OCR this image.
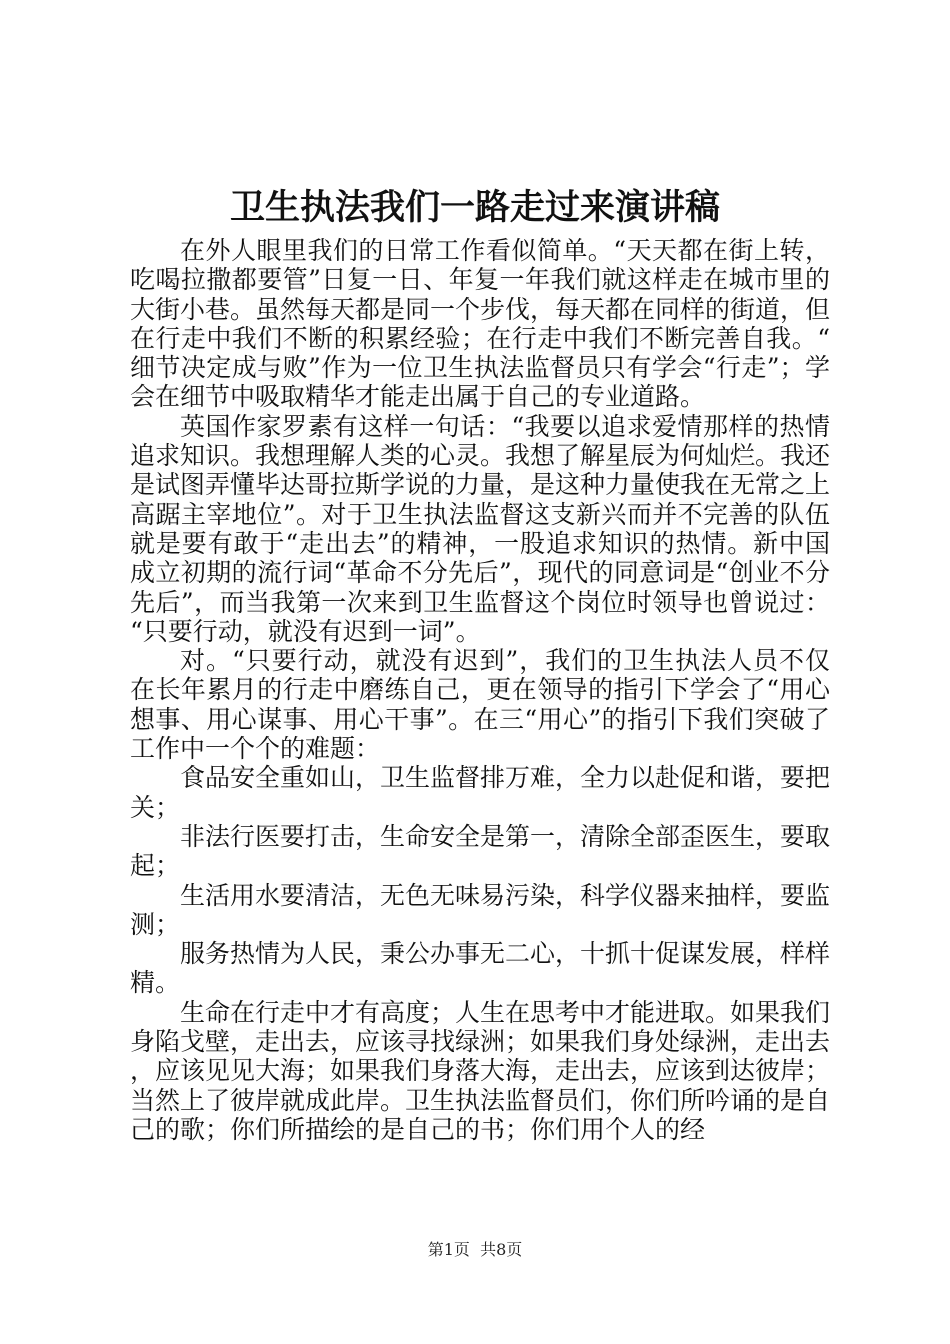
卫生执法我们一路走过来演讲稿

在外人眼里我们的日常工作看似简单。“天天都在街上转，吃喝拉撒都要管”日复一日、年复一年我们就这样走在城市里的大街小巷。虽然每天都是同一个步伐，每天都在同样的街道，但在行走中我们不断的积累经验；在行走中我们不断完善自我。“细节决定成与败”作为一位卫生执法监督员只有学会“行走”；学会在细节中吸取精华才能走出属于自己的专业道路。

英国作家罗素有这样一句话：“我要以追求爱情那样的热情追求知识。我想理解人类的心灵。我想了解星辰为何灿烂。我还是试图弄懂毕达哥拉斯学说的力量，是这种力量使我在无常之上高踞主宰地位”。对于卫生执法监督这支新兴而并不完善的队伍就是要有敢于“走出去”的精神，一股追求知识的热情。新中国成立初期的流行词“革命不分先后”，现代的同意词是“创业不分先后”，而当我第一次来到卫生监督这个岗位时领导也曾说过：“只要行动，就没有迟到一词”。

对。“只要行动，就没有迟到”，我们的卫生执法人员不仅在长年累月的行走中磨练自己，更在领导的指引下学会了“用心想事、用心谋事、用心干事”。在三“用心”的指引下我们突破了工作中一个个的难题：

食品安全重如山，卫生监督排万难，全力以赴促和谐，要把关；

非法行医要打击，生命安全是第一，清除全部歪医生，要取起；

生活用水要清洁，无色无味易污染，科学仪器来抽样，要监测；

服务热情为人民，秉公办事无二心，十抓十促谋发展，样样精。

生命在行走中才有高度；人生在思考中才能进取。如果我们身陷戈壁，走出去，应该寻找绿洲；如果我们身处绿洲，走出去，应该见见大海；如果我们身落大海，走出去，应该到达彼岸；当然上了彼岸就成此岸。卫生执法监督员们，你们所吟诵的是自己的歌；你们所描绘的是自己的书；你们用个人的经

第1页 共8页
